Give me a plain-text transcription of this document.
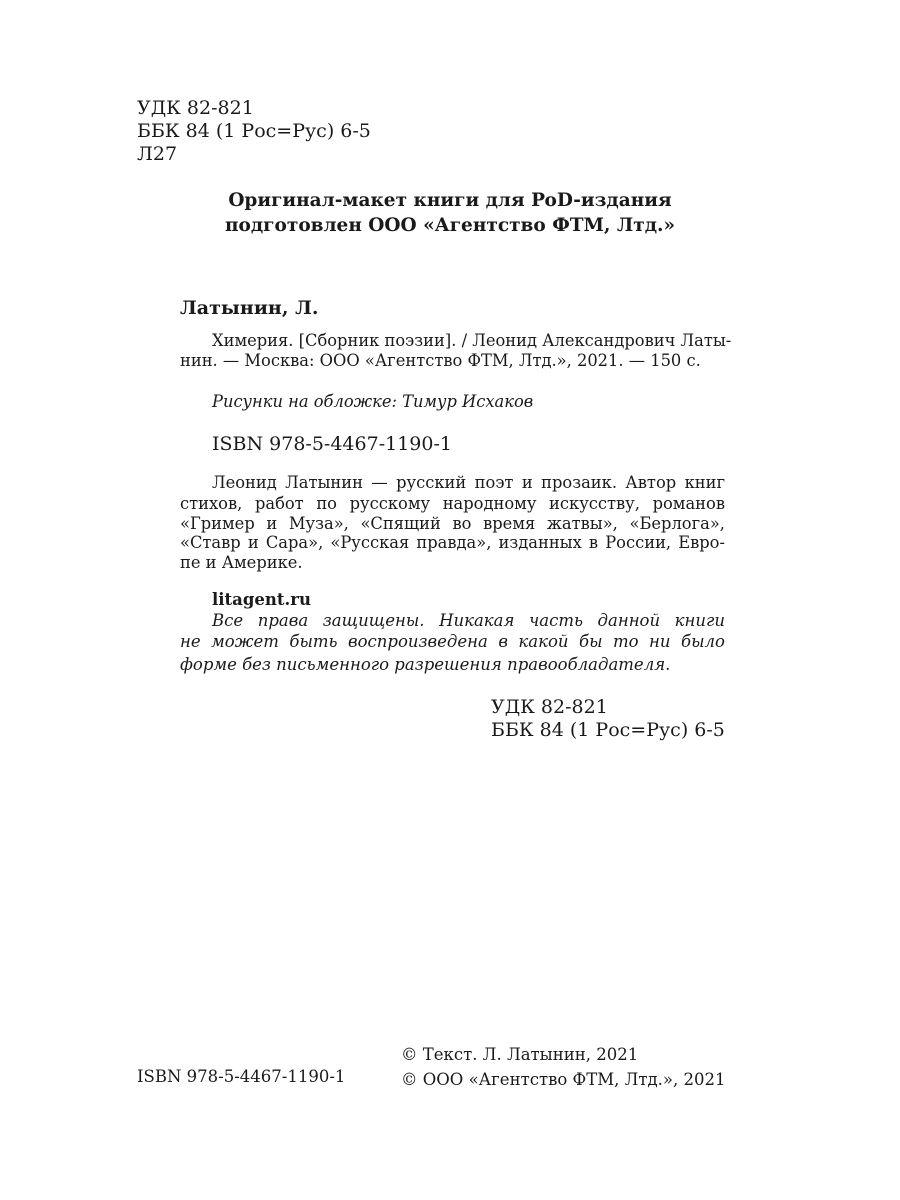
УДК 82-821
ББК 84 (1 Рос=Рус) 6-5
Л27
Оригинал-макет книги для PoD-издания
подготовлен ООО «Агентство ФТМ, Лтд.»
Латынин, Л.
Химерия. [Сборник поэзии]. / Леонид Александрович Латы-
нин. — Москва: ООО «Агентство ФТМ, Лтд.», 2021. — 150 с.
Рисунки на обложке: Тимур Исхаков
ISBN 978-5-4467-1190-1
Леонид Латынин — русский поэт и прозаик. Автор книг
стихов, работ по русскому народному искусству, романов
«Гример и Муза», «Спящий во время жатвы», «Берлога»,
«Ставр и Сара», «Русская правда», изданных в России, Евро-
пе и Америке.
litagent.ru
Все права защищены. Никакая часть данной книги
не может быть воспроизведена в какой бы то ни было
форме без письменного разрешения правообладателя.
УДК 82-821
ББК 84 (1 Рос=Рус) 6-5
ISBN 978-5-4467-1190-1
© Текст. Л. Латынин, 2021
© ООО «Агентство ФТМ, Лтд.», 2021
